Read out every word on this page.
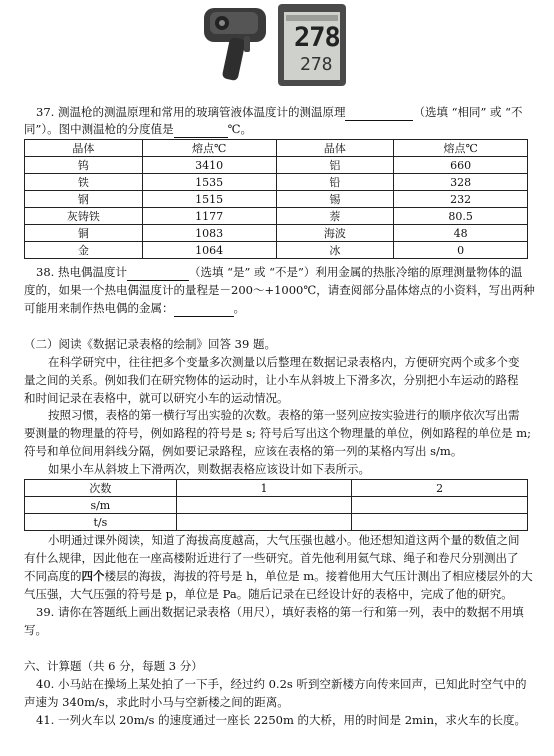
278
278
37. 测温枪的测温原理和常用的玻璃管液体温度计的测温原理	（选填 “相同” 或 “不
同”）。图中测温枪的分度值是	℃。
晶体	熔点℃	晶体	熔点℃
钨	3410	铝	660
铁	1535	铅	328
钢	1515	锡	232
灰铸铁	1177	萘	80.5
铜	1083	海波	48
金	1064	冰	0
38. 热电偶温度计	（选填 “是” 或 “不是”）利用金属的热胀冷缩的原理测量物体的温
度的，如果一个热电偶温度计的量程是－200～+1000℃，请查阅部分晶体熔点的小资料，写出两种
可能用来制作热电偶的金属：	。
（二）阅读《数据记录表格的绘制》回答 39 题。
在科学研究中，往往把多个变量多次测量以后整理在数据记录表格内，方便研究两个或多个变
量之间的关系。例如我们在研究物体的运动时，让小车从斜坡上下滑多次，分别把小车运动的路程
和时间记录在表格中，就可以研究小车的运动情况。
按照习惯，表格的第一横行写出实验的次数。表格的第一竖列应按实验进行的顺序依次写出需
要测量的物理量的符号，例如路程的符号是 s; 符号后写出这个物理量的单位，例如路程的单位是 m;
符号和单位间用斜线分隔，例如要记录路程，应该在表格的第一列的某格内写出 s/m。
如果小车从斜坡上下滑两次，则数据表格应该设计如下表所示。
次数	1	2
s/m		
t/s		
小明通过课外阅读，知道了海拔高度越高，大气压强也越小。他还想知道这两个量的数值之间
有什么规律，因此他在一座高楼附近进行了一些研究。首先他利用氦气球、绳子和卷尺分别测出了
不同高度的四个楼层的海拔，海拔的符号是 h，单位是 m。接着他用大气压计测出了相应楼层外的大
气压强，大气压强的符号是 p，单位是 Pa。随后记录在已经设计好的表格中，完成了他的研究。
39. 请你在答题纸上画出数据记录表格（用尺），填好表格的第一行和第一列，表中的数据不用填
写。
六、计算题（共 6 分，每题 3 分）
40. 小马站在操场上某处拍了一下手，经过约 0.2s 听到空新楼方向传来回声，已知此时空气中的
声速为 340m/s，求此时小马与空新楼之间的距离。
41. 一列火车以 20m/s 的速度通过一座长 2250m 的大桥，用的时间是 2min，求火车的长度。
